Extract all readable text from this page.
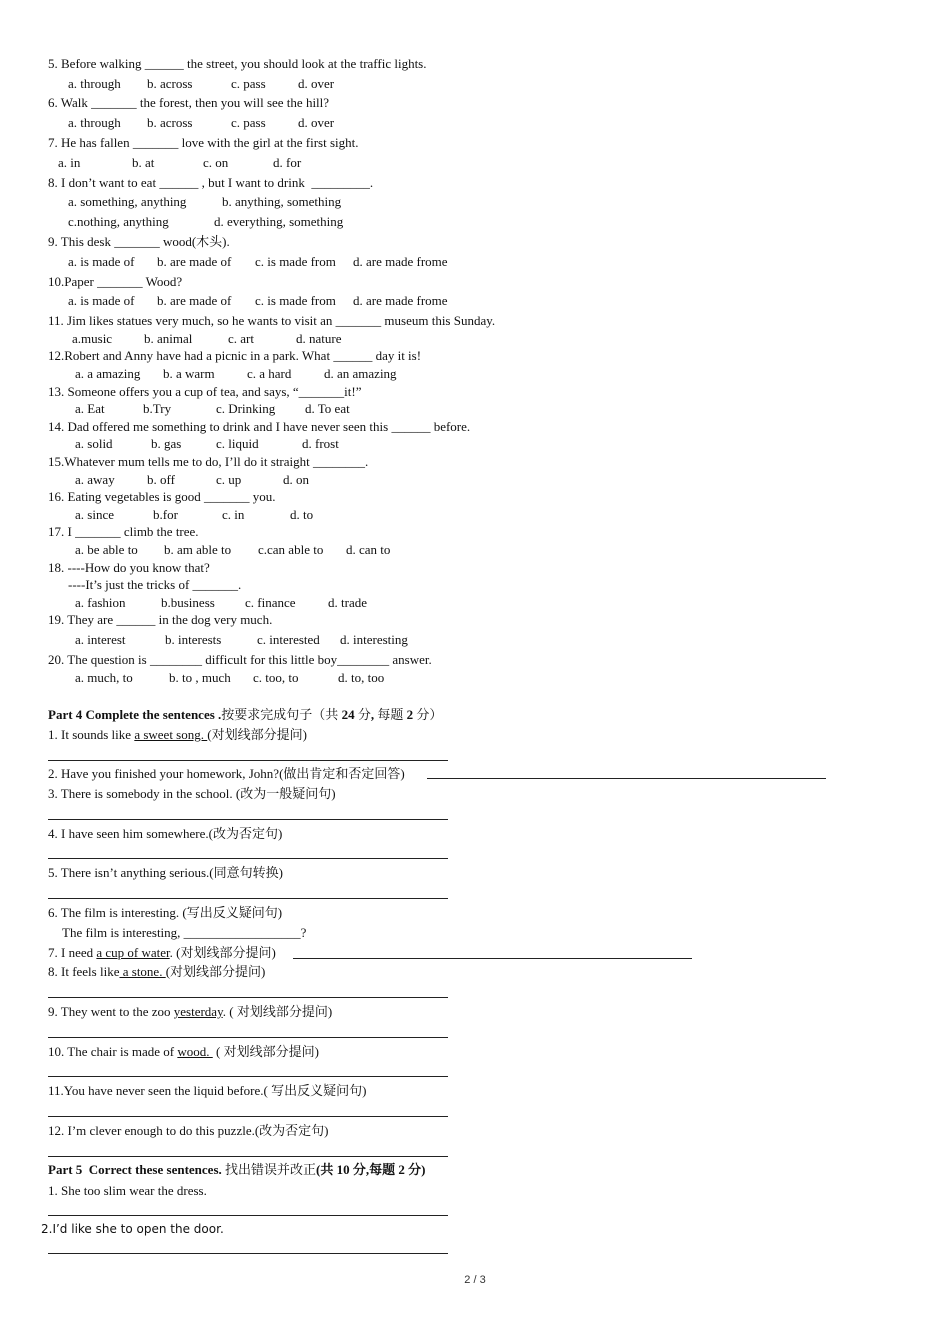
5. Before walking ______ the street, you should look at the traffic lights.
a. through b. across	c. pass d. over
6. Walk _______ the forest, then you will see the hill?
a. through b. across	c. pass d. over
7. He has fallen _______ love with the girl at the first sight.
a. in	b. at	c. on	d. for
8. I don’t want to eat ______ , but I want to drink  _________.
a. something, anything	b. anything, something
c.nothing, anything	d. everything, something
9. This desk _______ wood(木头).
a. is made of b. are made of c. is made from d. are made frome
10.Paper _______ Wood?
a. is made of b. are made of c. is made from d. are made frome
11. Jim likes statues very much, so he wants to visit an _______ museum this Sunday.
a.music b. animal	c. art	d. nature
12.Robert and Anny have had a picnic in a park. What ______ day it is!
a. a amazing b. a warm c. a hard	d. an amazing
13. Someone offers you a cup of tea, and says, “_______it!”
a. Eat	b.Try	c. Drinking d. To eat
14. Dad offered me something to drink and I have never seen this ______ before.
a. solid	b. gas	c. liquid	d. frost
15.Whatever mum tells me to do, I’ll do it straight ________.
a. away b. off	c. up	d. on
16. Eating vegetables is good _______ you.
a. since	b.for	c. in	d. to
17. I _______ climb the tree.
a. be able to b. am able to c.can able to d. can to
18. ----How do you know that?
----It’s just the tricks of _______.
a. fashion	b.business c. finance d. trade
19. They are ______ in the dog very much.
a. interest	b. interests	c. interested d. interesting
20. The question is ________ difficult for this little boy________ answer.
a. much, to	b. to , much c. too, to	d. to, too
Part 4 Complete the sentences .按要求完成句子（共 24 分, 每题 2 分）
1. It sounds like a sweet song. (对划线部分提问)
2. Have you finished your homework, John?(做出肯定和否定回答)
3. There is somebody in the school. (改为一般疑问句)
4. I have seen him somewhere.(改为否定句)
5. There isn’t anything serious.(同意句转换)
6. The film is interesting. (写出反义疑问句)
The film is interesting, __________________?
7. I need a cup of water. (对划线部分提问)
8. It feels like a stone. (对划线部分提问)
9. They went to the zoo yesterday. ( 对划线部分提问)
10. The chair is made of wood.  ( 对划线部分提问)
11.You have never seen the liquid before.( 写出反义疑问句)
12. I’m clever enough to do this puzzle.(改为否定句)
Part 5  Correct these sentences. 找出错误并改正(共 10 分,每题 2 分)
1. She too slim wear the dress.
2.I’d like she to open the door.
2 / 3
